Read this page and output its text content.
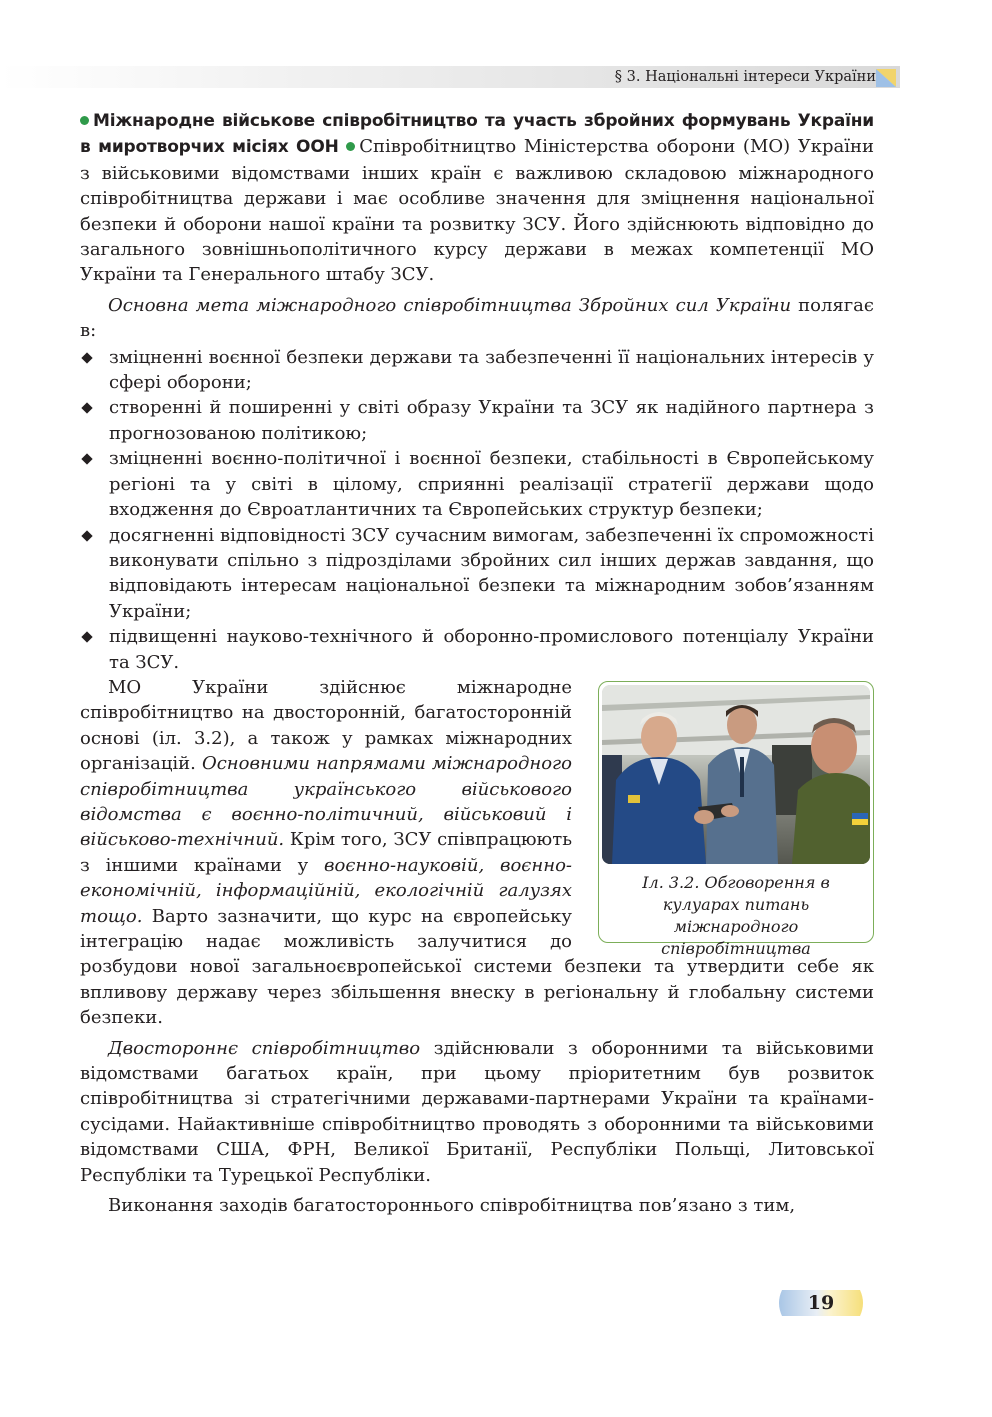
§ 3. Національні інтереси України

Міжнародне військове співробітництво та участь збройних формувань України в миротворчих місіях ООН Співробітництво Міністерства оборони (МО) України з військовими відомствами інших країн є важливою складовою міжнародного співробітництва держави і має особливе значення для зміцнення національної безпеки й оборони нашої країни та розвитку ЗСУ. Його здійснюють відповідно до загального зовнішньополітичного курсу держави в межах компетенції МО України та Генерального штабу ЗСУ.

Основна мета міжнародного співробітництва Збройних сил України полягає в:

зміцненні воєнної безпеки держави та забезпеченні її національних інтересів у сфері оборони;
створенні й поширенні у світі образу України та ЗСУ як надійного партнера з прогнозованою політикою;
зміцненні воєнно-політичної і воєнної безпеки, стабільності в Європейському регіоні та у світі в цілому, сприянні реалізації стратегії держави щодо входження до Євроатлантичних та Європейських структур безпеки;
досягненні відповідності ЗСУ сучасним вимогам, забезпеченні їх спроможності виконувати спільно з підрозділами збройних сил інших держав завдання, що відповідають інтересам національної безпеки та міжнародним зобов’язанням України;
підвищенні науково-технічного й оборонно-промислового потенціалу України та ЗСУ.
Іл. 3.2. Обговорення в кулуарах питань міжнародного співробітництва

МО України здійснює міжнародне співробітництво на двосторонній, багатосторонній основі (іл. 3.2), а також у рамках міжнародних організацій. Основними напрямами міжнародного співробітництва українського військового відомства є воєнно-політичний, військовий і військово-технічний. Крім того, ЗСУ співпрацюють з іншими країнами у воєнно-науковій, воєнно-економічній, інформаційній, екологічній галузях тощо. Варто зазначити, що курс на європейську інтеграцію надає можливість залучитися до розбудови нової загальноєвропейської системи безпеки та утвердити себе як впливову державу через збільшення внеску в регіональну й глобальну системи безпеки.

Двостороннє співробітництво здійснювали з оборонними та військовими відомствами багатьох країн, при цьому пріоритетним був розвиток співробітництва зі стратегічними державами-партнерами України та країнами-сусідами. Найактивніше співробітництво проводять з оборонними та військовими відомствами США, ФРН, Великої Британії, Республіки Польщі, Литовської Республіки та Турецької Республіки.

Виконання заходів багатостороннього співробітництва пов’язано з тим,

19
